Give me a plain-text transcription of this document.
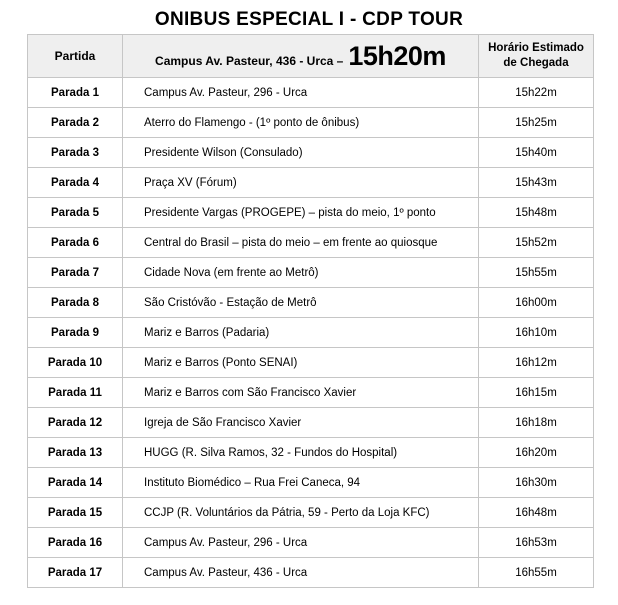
ONIBUS ESPECIAL I - CDP TOUR
Partida	Campus Av. Pasteur, 436 - Urca – 15h20m	Horário Estimado de Chegada
Parada 1	Campus Av. Pasteur, 296 - Urca	15h22m
Parada 2	Aterro do Flamengo - (1º ponto de ônibus)	15h25m
Parada 3	Presidente Wilson (Consulado)	15h40m
Parada 4	Praça XV (Fórum)	15h43m
Parada 5	Presidente Vargas (PROGEPE) – pista do meio, 1º ponto	15h48m
Parada 6	Central do Brasil – pista do meio – em frente ao quiosque	15h52m
Parada 7	Cidade Nova (em frente ao Metrô)	15h55m
Parada 8	São Cristóvão - Estação de Metrô	16h00m
Parada 9	Mariz e Barros (Padaria)	16h10m
Parada 10	Mariz e Barros (Ponto SENAI)	16h12m
Parada 11	Mariz e Barros com São Francisco Xavier	16h15m
Parada 12	Igreja de São Francisco Xavier	16h18m
Parada 13	HUGG (R. Silva Ramos, 32 - Fundos do Hospital)	16h20m
Parada 14	Instituto Biomédico – Rua Frei Caneca, 94	16h30m
Parada 15	CCJP (R. Voluntários da Pátria, 59 - Perto da Loja KFC)	16h48m
Parada 16	Campus Av. Pasteur, 296 - Urca	16h53m
Parada 17	Campus Av. Pasteur, 436 - Urca	16h55m
